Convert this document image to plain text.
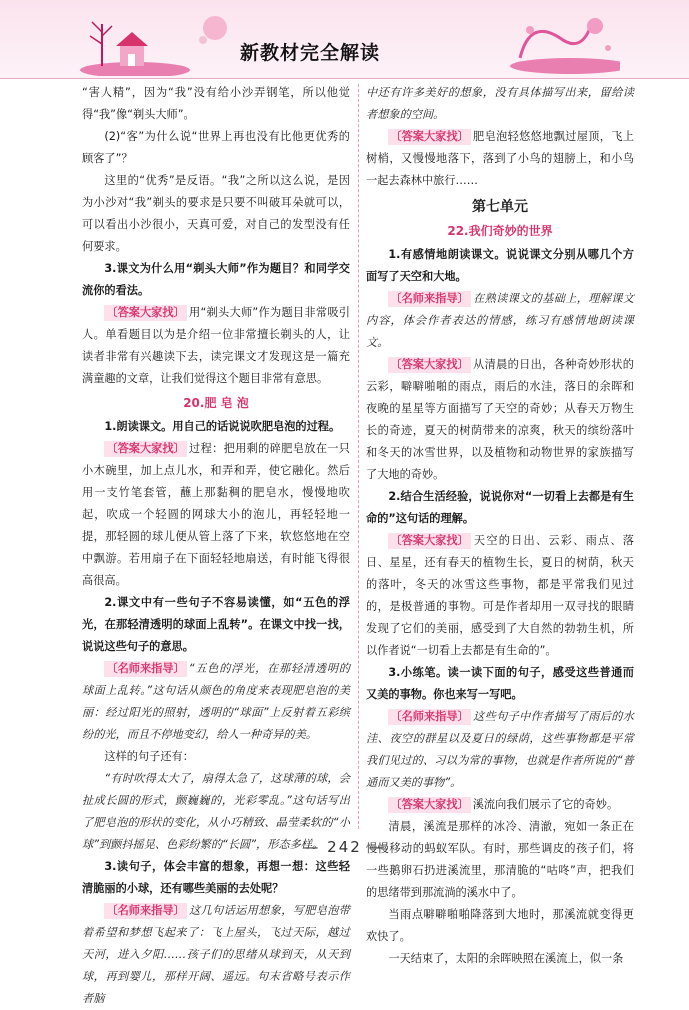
新教材完全解读

“害人精”，因为“我”没有给小沙弄钢笔，所以他觉得“我”像“剃头大师”。

(2)“客”为什么说“世界上再也没有比他更优秀的顾客了”？

这里的“优秀”是反语。“我”之所以这么说，是因为小沙对“我”剃头的要求是只要不叫破耳朵就可以，可以看出小沙很小，天真可爱，对自己的发型没有任何要求。

3.课文为什么用“剃头大师”作为题目？和同学交流你的看法。

〔答案大家找〕 用“剃头大师”作为题目非常吸引人。单看题目以为是介绍一位非常擅长剃头的人，让读者非常有兴趣读下去，读完课文才发现这是一篇充满童趣的文章，让我们觉得这个题目非常有意思。

20.肥 皂 泡

1.朗读课文。用自己的话说说吹肥皂泡的过程。

〔答案大家找〕 过程：把用剩的碎肥皂放在一只小木碗里，加上点儿水，和弄和弄，使它融化。然后用一支竹笔套管，蘸上那黏稠的肥皂水，慢慢地吹起，吹成一个轻圆的网球大小的泡儿，再轻轻地一提，那轻圆的球儿便从管上落了下来，软悠悠地在空中飘游。若用扇子在下面轻轻地扇送，有时能飞得很高很高。

2.课文中有一些句子不容易读懂，如“五色的浮光，在那轻清透明的球面上乱转”。在课文中找一找，说说这些句子的意思。

〔名师来指导〕 “五色的浮光，在那轻清透明的球面上乱转。”这句话从颜色的角度来表现肥皂泡的美丽：经过阳光的照射，透明的“球面”上反射着五彩缤纷的光，而且不停地变幻，给人一种奇异的美。

这样的句子还有：

“有时吹得太大了，扇得太急了，这球薄的球，会扯成长圆的形式，颤巍巍的，光彩零乱。”这句话写出了肥皂泡的形状的变化，从小巧精致、晶莹柔软的“小球”到颤抖摇晃、色彩纷繁的“长圆”，形态多样。

3.读句子，体会丰富的想象，再想一想：这些轻清脆丽的小球，还有哪些美丽的去处呢？

〔名师来指导〕 这几句话运用想象，写肥皂泡带着希望和梦想飞起来了：飞上屋头，飞过天际，越过天河，进入夕阳……孩子们的思绪从球到天，从天到球，再到婴儿，那样开阔、遥远。句末省略号表示作者脑

中还有许多美好的想象，没有具体描写出来，留给读者想象的空间。

〔答案大家找〕 肥皂泡轻悠悠地飘过屋顶，飞上树梢，又慢慢地落下，落到了小鸟的翅膀上，和小鸟一起去森林中旅行……

第七单元
22.我们奇妙的世界

1.有感情地朗读课文。说说课文分别从哪几个方面写了天空和大地。

〔名师来指导〕 在熟读课文的基础上，理解课文内容，体会作者表达的情感，练习有感情地朗读课文。

〔答案大家找〕 从清晨的日出，各种奇妙形状的云彩，噼噼啪啪的雨点，雨后的水洼，落日的余晖和夜晚的星星等方面描写了天空的奇妙；从春天万物生长的奇迹，夏天的树荫带来的凉爽，秋天的缤纷落叶和冬天的冰雪世界，以及植物和动物世界的家族描写了大地的奇妙。

2.结合生活经验，说说你对“一切看上去都是有生命的”这句话的理解。

〔答案大家找〕 天空的日出、云彩、雨点、落日、星星，还有春天的植物生长，夏日的树荫，秋天的落叶，冬天的冰雪这些事物，都是平常我们见过的，是极普通的事物。可是作者却用一双寻找的眼睛发现了它们的美丽，感受到了大自然的勃勃生机，所以作者说“一切看上去都是有生命的”。

3.小练笔。读一读下面的句子，感受这些普通而又美的事物。你也来写一写吧。

〔名师来指导〕 这些句子中作者描写了雨后的水洼、夜空的群星以及夏日的绿荫，这些事物都是平常我们见过的、习以为常的事物，也就是作者所说的“普通而又美的事物”。

〔答案大家找〕 溪流向我们展示了它的奇妙。

清晨，溪流是那样的冰冷、清澈，宛如一条正在慢慢移动的蚂蚁军队。有时，那些调皮的孩子们，将一些鹅卵石扔进溪流里，那清脆的“咕咚”声，把我们的思绪带到那流淌的溪水中了。

当雨点噼噼啪啪降落到大地时，那溪流就变得更欢快了。

一天结束了，太阳的余晖映照在溪流上，似一条

— 242 —
